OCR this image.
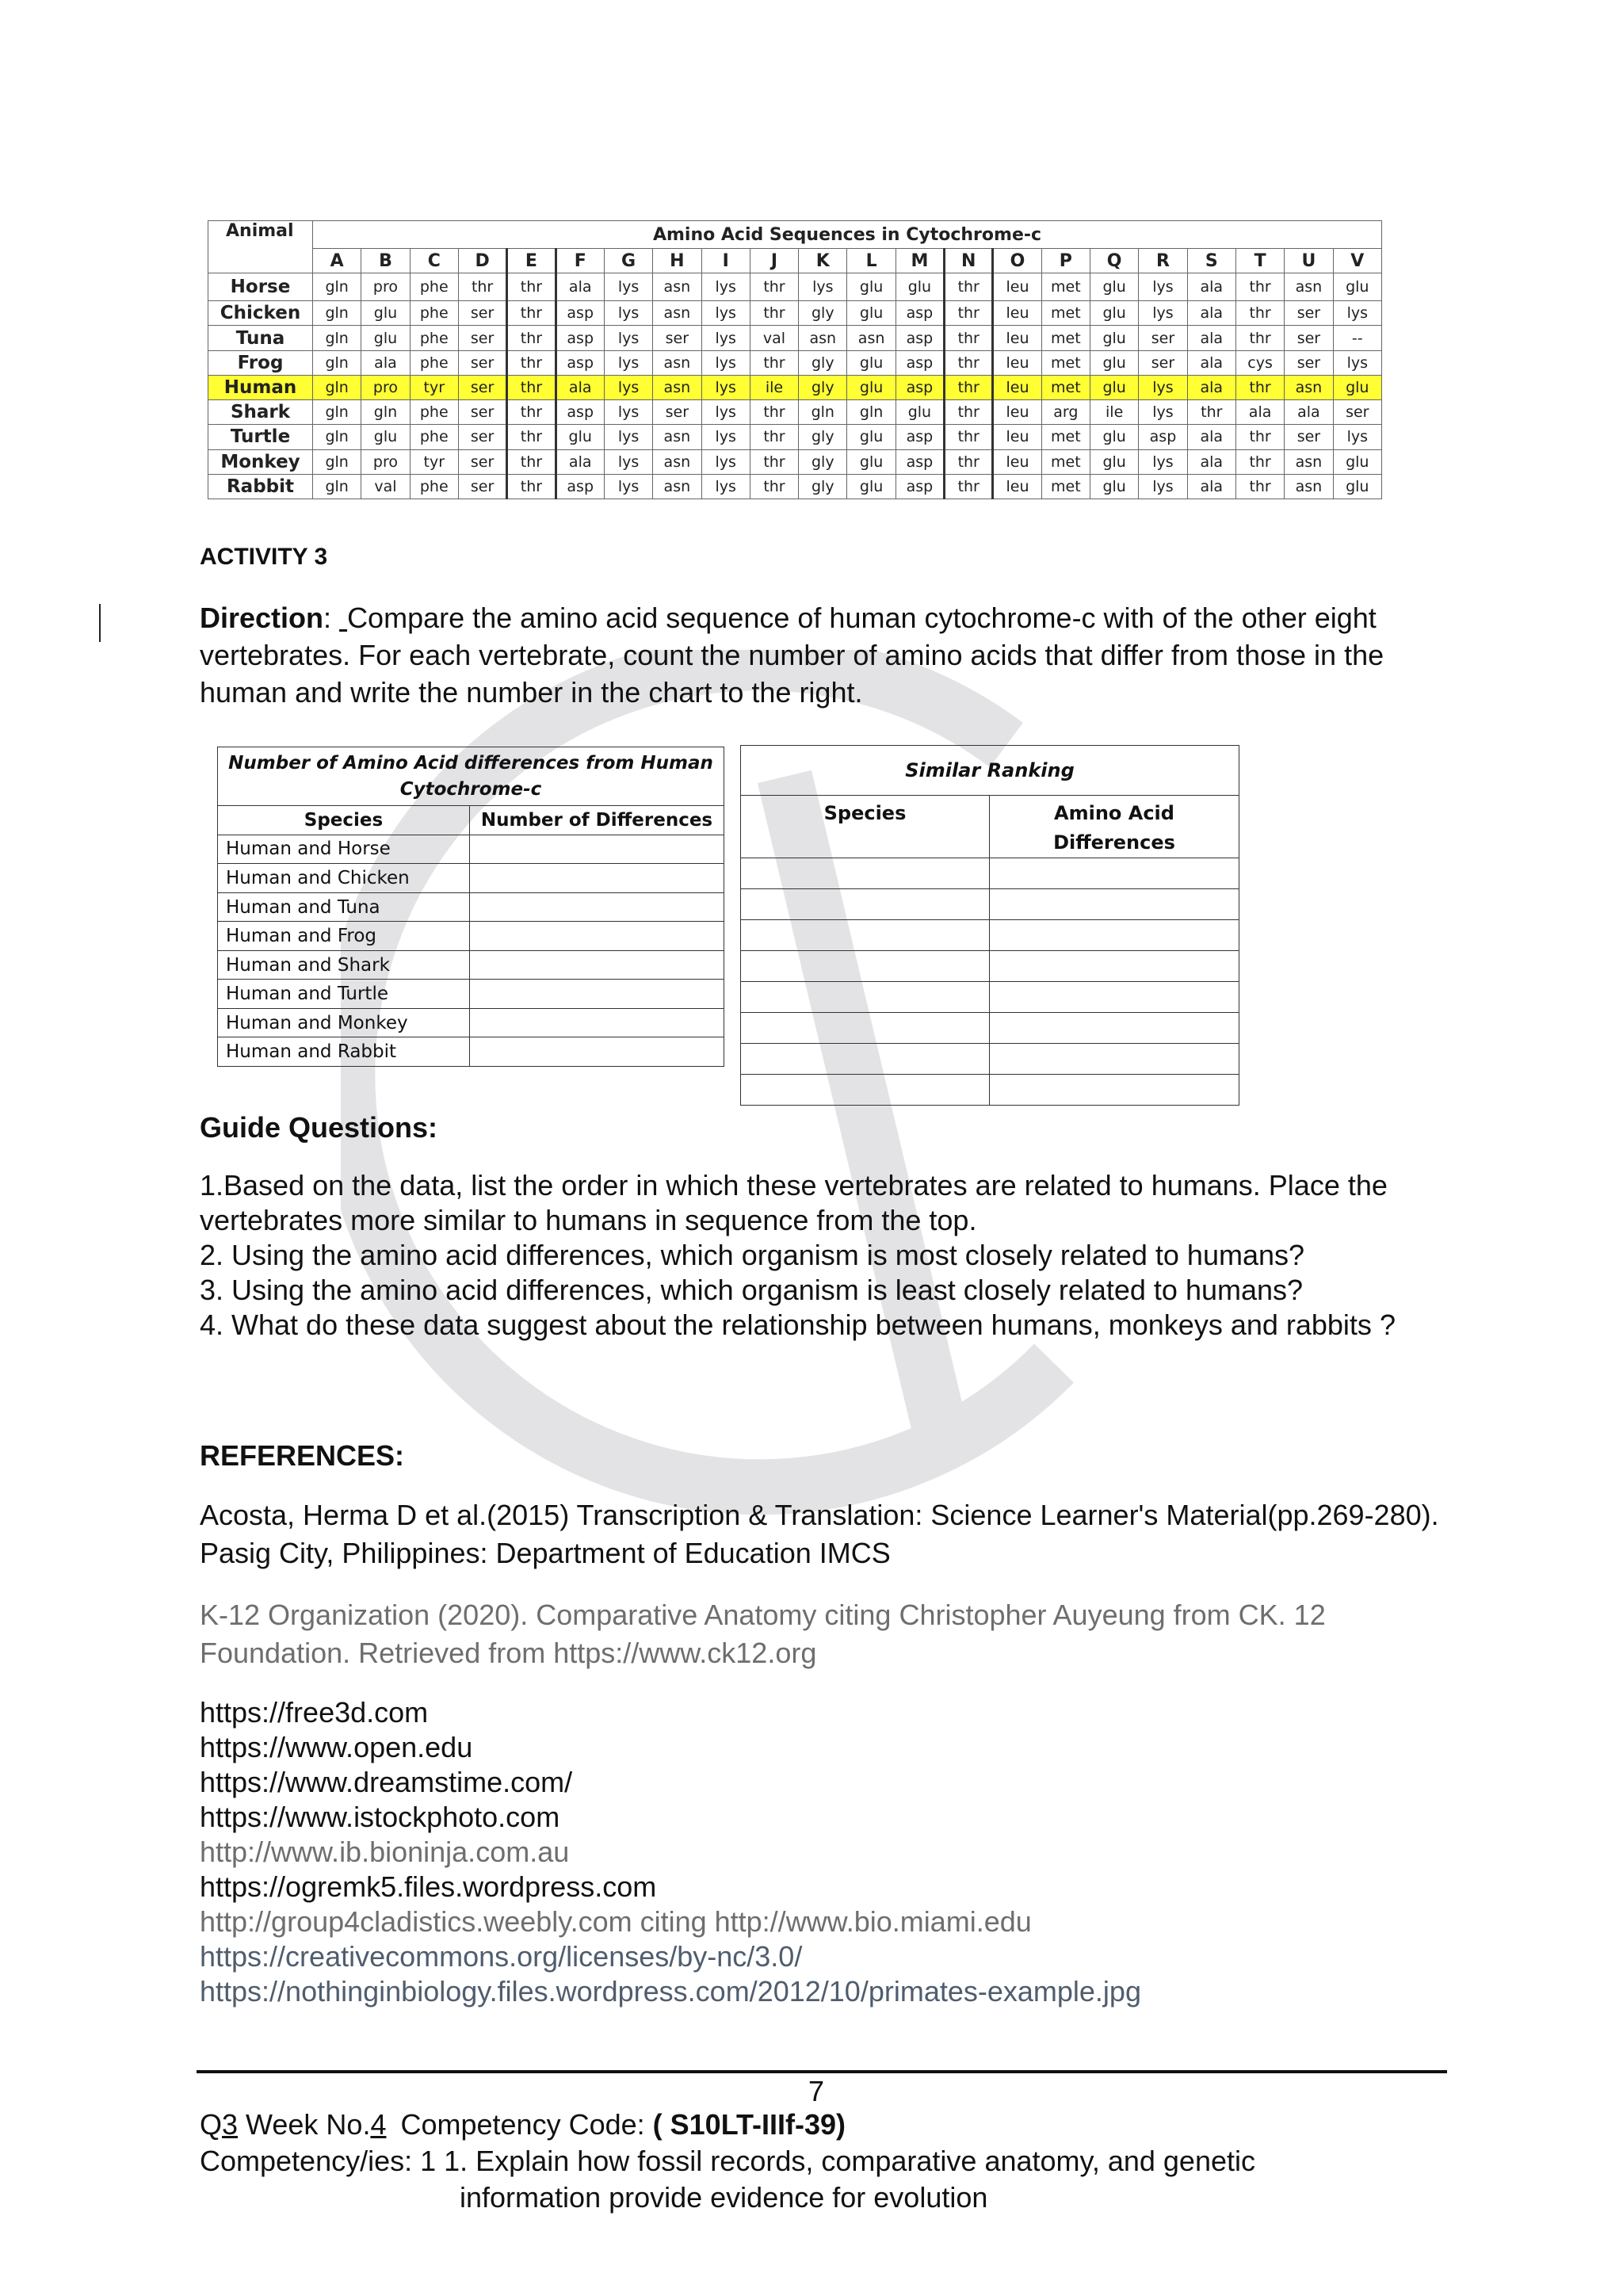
Animal	Amino Acid Sequences in Cytochrome-c																					
	A	B	C	D	E	F	G	H	I	J	K	L	M	N	O	P	Q	R	S	T	U	V
Horse	gln	pro	phe	thr	thr	ala	lys	asn	lys	thr	lys	glu	glu	thr	leu	met	glu	lys	ala	thr	asn	glu
Chicken	gln	glu	phe	ser	thr	asp	lys	asn	lys	thr	gly	glu	asp	thr	leu	met	glu	lys	ala	thr	ser	lys
Tuna	gln	glu	phe	ser	thr	asp	lys	ser	lys	val	asn	asn	asp	thr	leu	met	glu	ser	ala	thr	ser	--
Frog	gln	ala	phe	ser	thr	asp	lys	asn	lys	thr	gly	glu	asp	thr	leu	met	glu	ser	ala	cys	ser	lys
Human	gln	pro	tyr	ser	thr	ala	lys	asn	lys	ile	gly	glu	asp	thr	leu	met	glu	lys	ala	thr	asn	glu
Shark	gln	gln	phe	ser	thr	asp	lys	ser	lys	thr	gln	gln	glu	thr	leu	arg	ile	lys	thr	ala	ala	ser
Turtle	gln	glu	phe	ser	thr	glu	lys	asn	lys	thr	gly	glu	asp	thr	leu	met	glu	asp	ala	thr	ser	lys
Monkey	gln	pro	tyr	ser	thr	ala	lys	asn	lys	thr	gly	glu	asp	thr	leu	met	glu	lys	ala	thr	asn	glu
Rabbit	gln	val	phe	ser	thr	asp	lys	asn	lys	thr	gly	glu	asp	thr	leu	met	glu	lys	ala	thr	asn	glu
ACTIVITY 3
Direction:  Compare the amino acid sequence of human cytochrome-c with of the other eight vertebrates. For each vertebrate, count the number of amino acids that differ from those in the human and write the number in the chart to the right.
Number of Amino Acid differences from Human Cytochrome-c	
Species	Number of Differences
Human and Horse	
Human and Chicken	
Human and Tuna	
Human and Frog	
Human and Shark	
Human and Turtle	
Human and Monkey	
Human and Rabbit	
Similar Ranking	
Species	Amino Acid Differences

Guide Questions:
1.Based on the data, list the order in which these vertebrates are related to humans. Place the vertebrates more similar to humans in sequence from the top.
2. Using the amino acid differences, which organism is most closely related to humans?
3. Using the amino acid differences, which organism is least closely related to humans?
4. What do these data suggest about the relationship between humans, monkeys and rabbits ?
REFERENCES:
Acosta, Herma D et al.(2015) Transcription & Translation: Science Learner's Material(pp.269-280). Pasig City, Philippines: Department of Education IMCS
K-12 Organization (2020). Comparative Anatomy citing Christopher Auyeung from CK. 12 Foundation. Retrieved from https://www.ck12.org
https://free3d.com
https://www.open.edu
https://www.dreamstime.com/
https://www.istockphoto.com
http://www.ib.bioninja.com.au
https://ogremk5.files.wordpress.com
http://group4cladistics.weebly.com citing http://www.bio.miami.edu
https://creativecommons.org/licenses/by-nc/3.0/
https://nothinginbiology.files.wordpress.com/2012/10/primates-example.jpg
7
Q3 Week No.4 Competency Code: ( S10LT-IIIf-39)
Competency/ies: 1 1. Explain how fossil records, comparative anatomy, and genetic
information provide evidence for evolution
